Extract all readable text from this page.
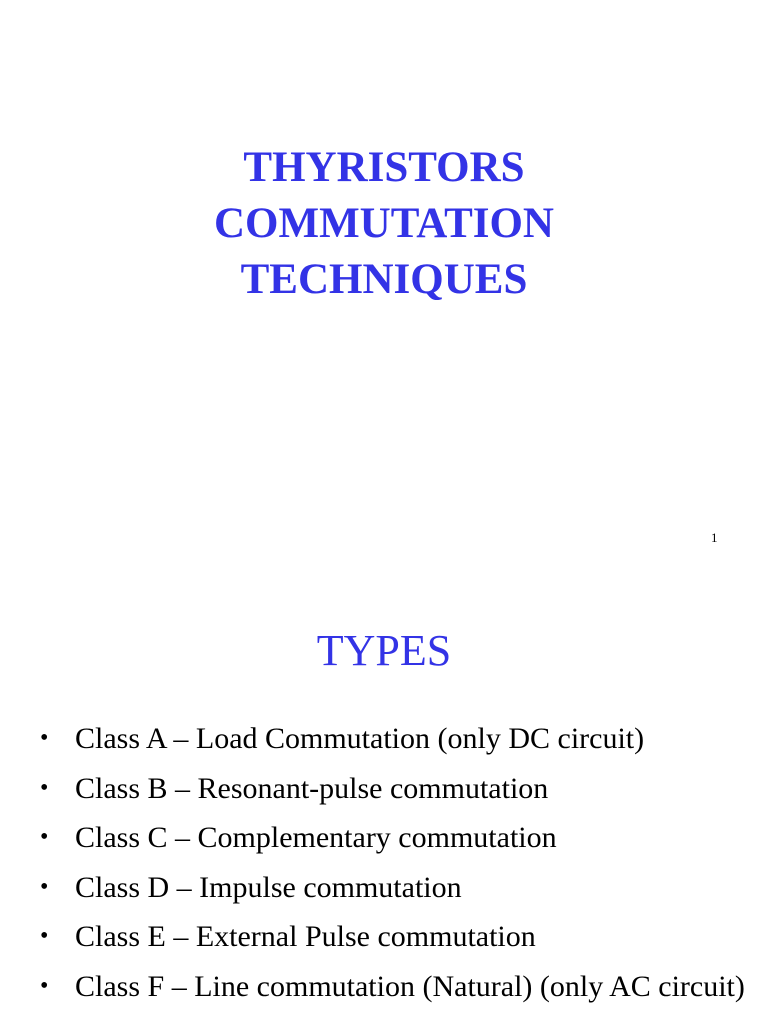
THYRISTORS
COMMUTATION
TECHNIQUES
1
TYPES
• Class A – Load Commutation (only DC circuit)
• Class B – Resonant-pulse commutation
• Class C – Complementary commutation
• Class D – Impulse commutation
• Class E – External Pulse commutation
• Class F – Line commutation (Natural) (only AC circuit)
